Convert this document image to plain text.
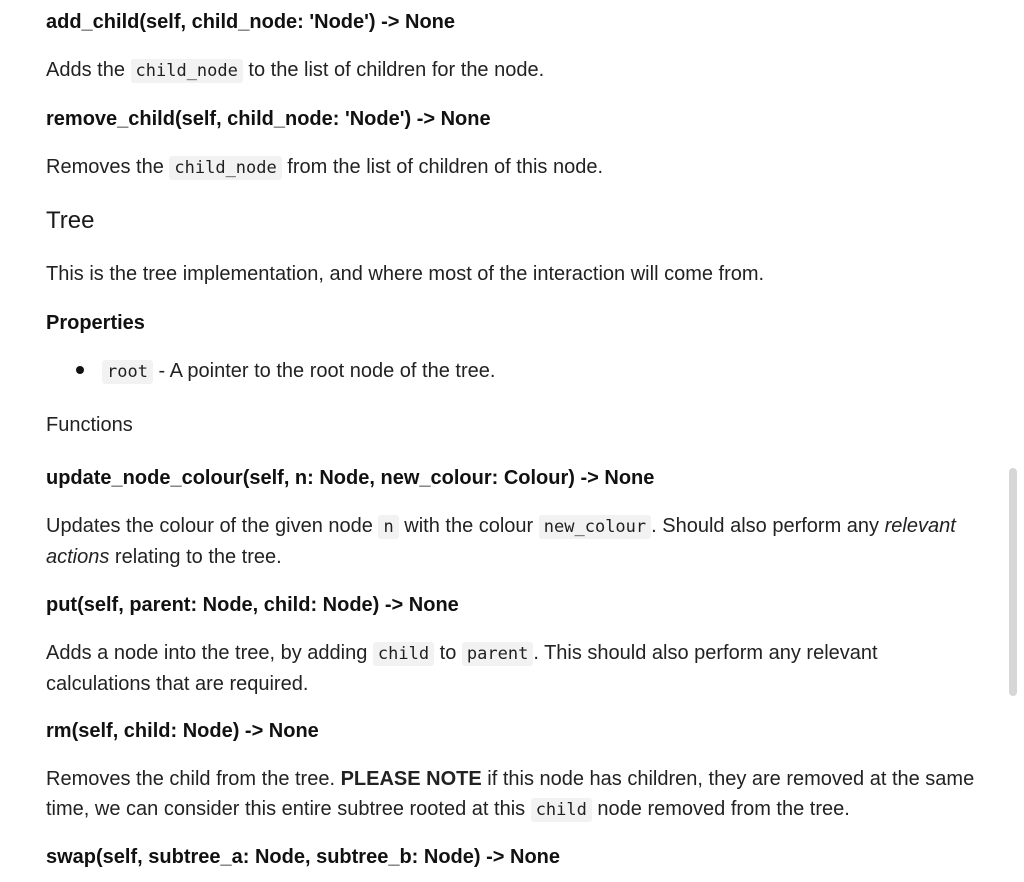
add_child(self, child_node: 'Node') -> None
Adds the child_node to the list of children for the node.
remove_child(self, child_node: 'Node') -> None
Removes the child_node from the list of children of this node.
Tree
This is the tree implementation, and where most of the interaction will come from.
Properties
root - A pointer to the root node of the tree.
Functions
update_node_colour(self, n: Node, new_colour: Colour) -> None
Updates the colour of the given node n with the colour new_colour . Should also perform any relevant actions relating to the tree.
put(self, parent: Node, child: Node) -> None
Adds a node into the tree, by adding child to parent . This should also perform any relevant calculations that are required.
rm(self, child: Node) -> None
Removes the child from the tree. PLEASE NOTE if this node has children, they are removed at the same time, we can consider this entire subtree rooted at this child node removed from the tree.
swap(self, subtree_a: Node, subtree_b: Node) -> None
